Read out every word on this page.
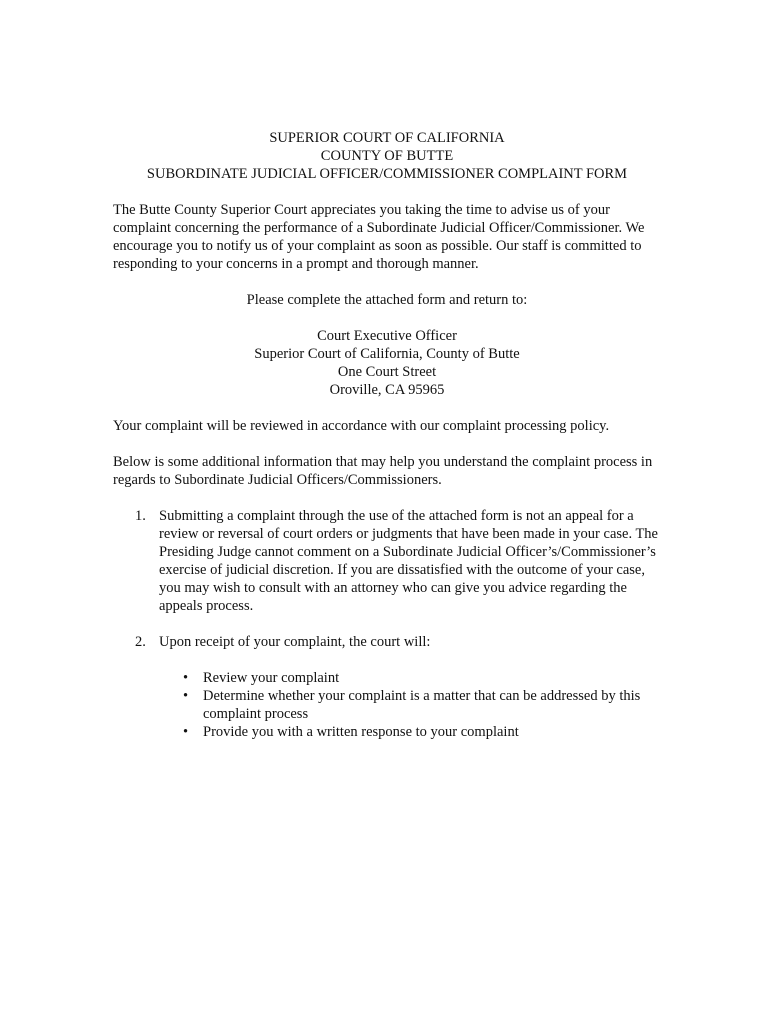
SUPERIOR COURT OF CALIFORNIA
COUNTY OF BUTTE
SUBORDINATE JUDICIAL OFFICER/COMMISSIONER COMPLAINT FORM

The Butte County Superior Court appreciates you taking the time to advise us of your complaint concerning the performance of a Subordinate Judicial Officer/Commissioner. We encourage you to notify us of your complaint as soon as possible. Our staff is committed to responding to your concerns in a prompt and thorough manner.

Please complete the attached form and return to:

Court Executive Officer
Superior Court of California, County of Butte
One Court Street
Oroville, CA 95965

Your complaint will be reviewed in accordance with our complaint processing policy.

Below is some additional information that may help you understand the complaint process in regards to Subordinate Judicial Officers/Commissioners.

1. Submitting a complaint through the use of the attached form is not an appeal for a review or reversal of court orders or judgments that have been made in your case. The Presiding Judge cannot comment on a Subordinate Judicial Officer’s/Commissioner’s exercise of judicial discretion. If you are dissatisfied with the outcome of your case, you may wish to consult with an attorney who can give you advice regarding the appeals process.
2. Upon receipt of your complaint, the court will:
• Review your complaint
• Determine whether your complaint is a matter that can be addressed by this complaint process
• Provide you with a written response to your complaint
